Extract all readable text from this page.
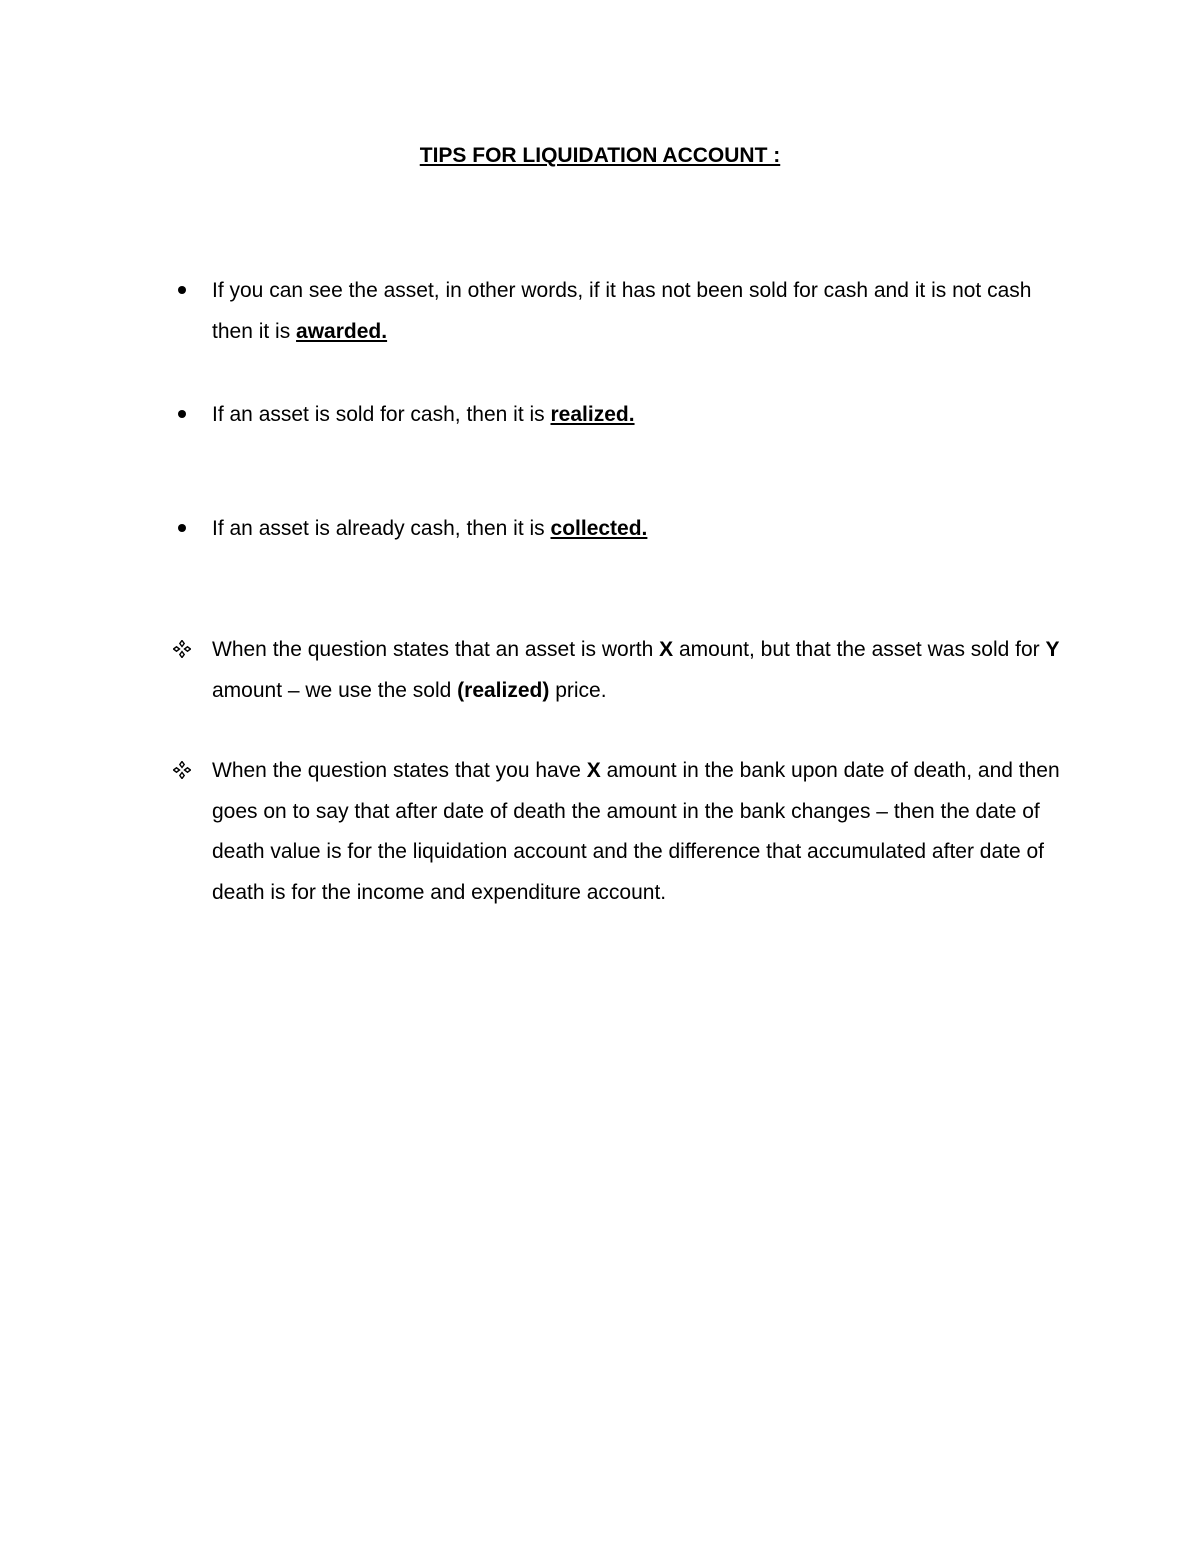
TIPS FOR LIQUIDATION ACCOUNT :
If you can see the asset, in other words, if it has not been sold for cash and it is not cash then it is awarded.
If an asset is sold for cash, then it is realized.
If an asset is already cash, then it is collected.
When the question states that an asset is worth X amount, but that the asset was sold for Y amount – we use the sold (realized) price.
When the question states that you have X amount in the bank upon date of death, and then goes on to say that after date of death the amount in the bank changes – then the date of death value is for the liquidation account and the difference that accumulated after date of death is for the income and expenditure account.
